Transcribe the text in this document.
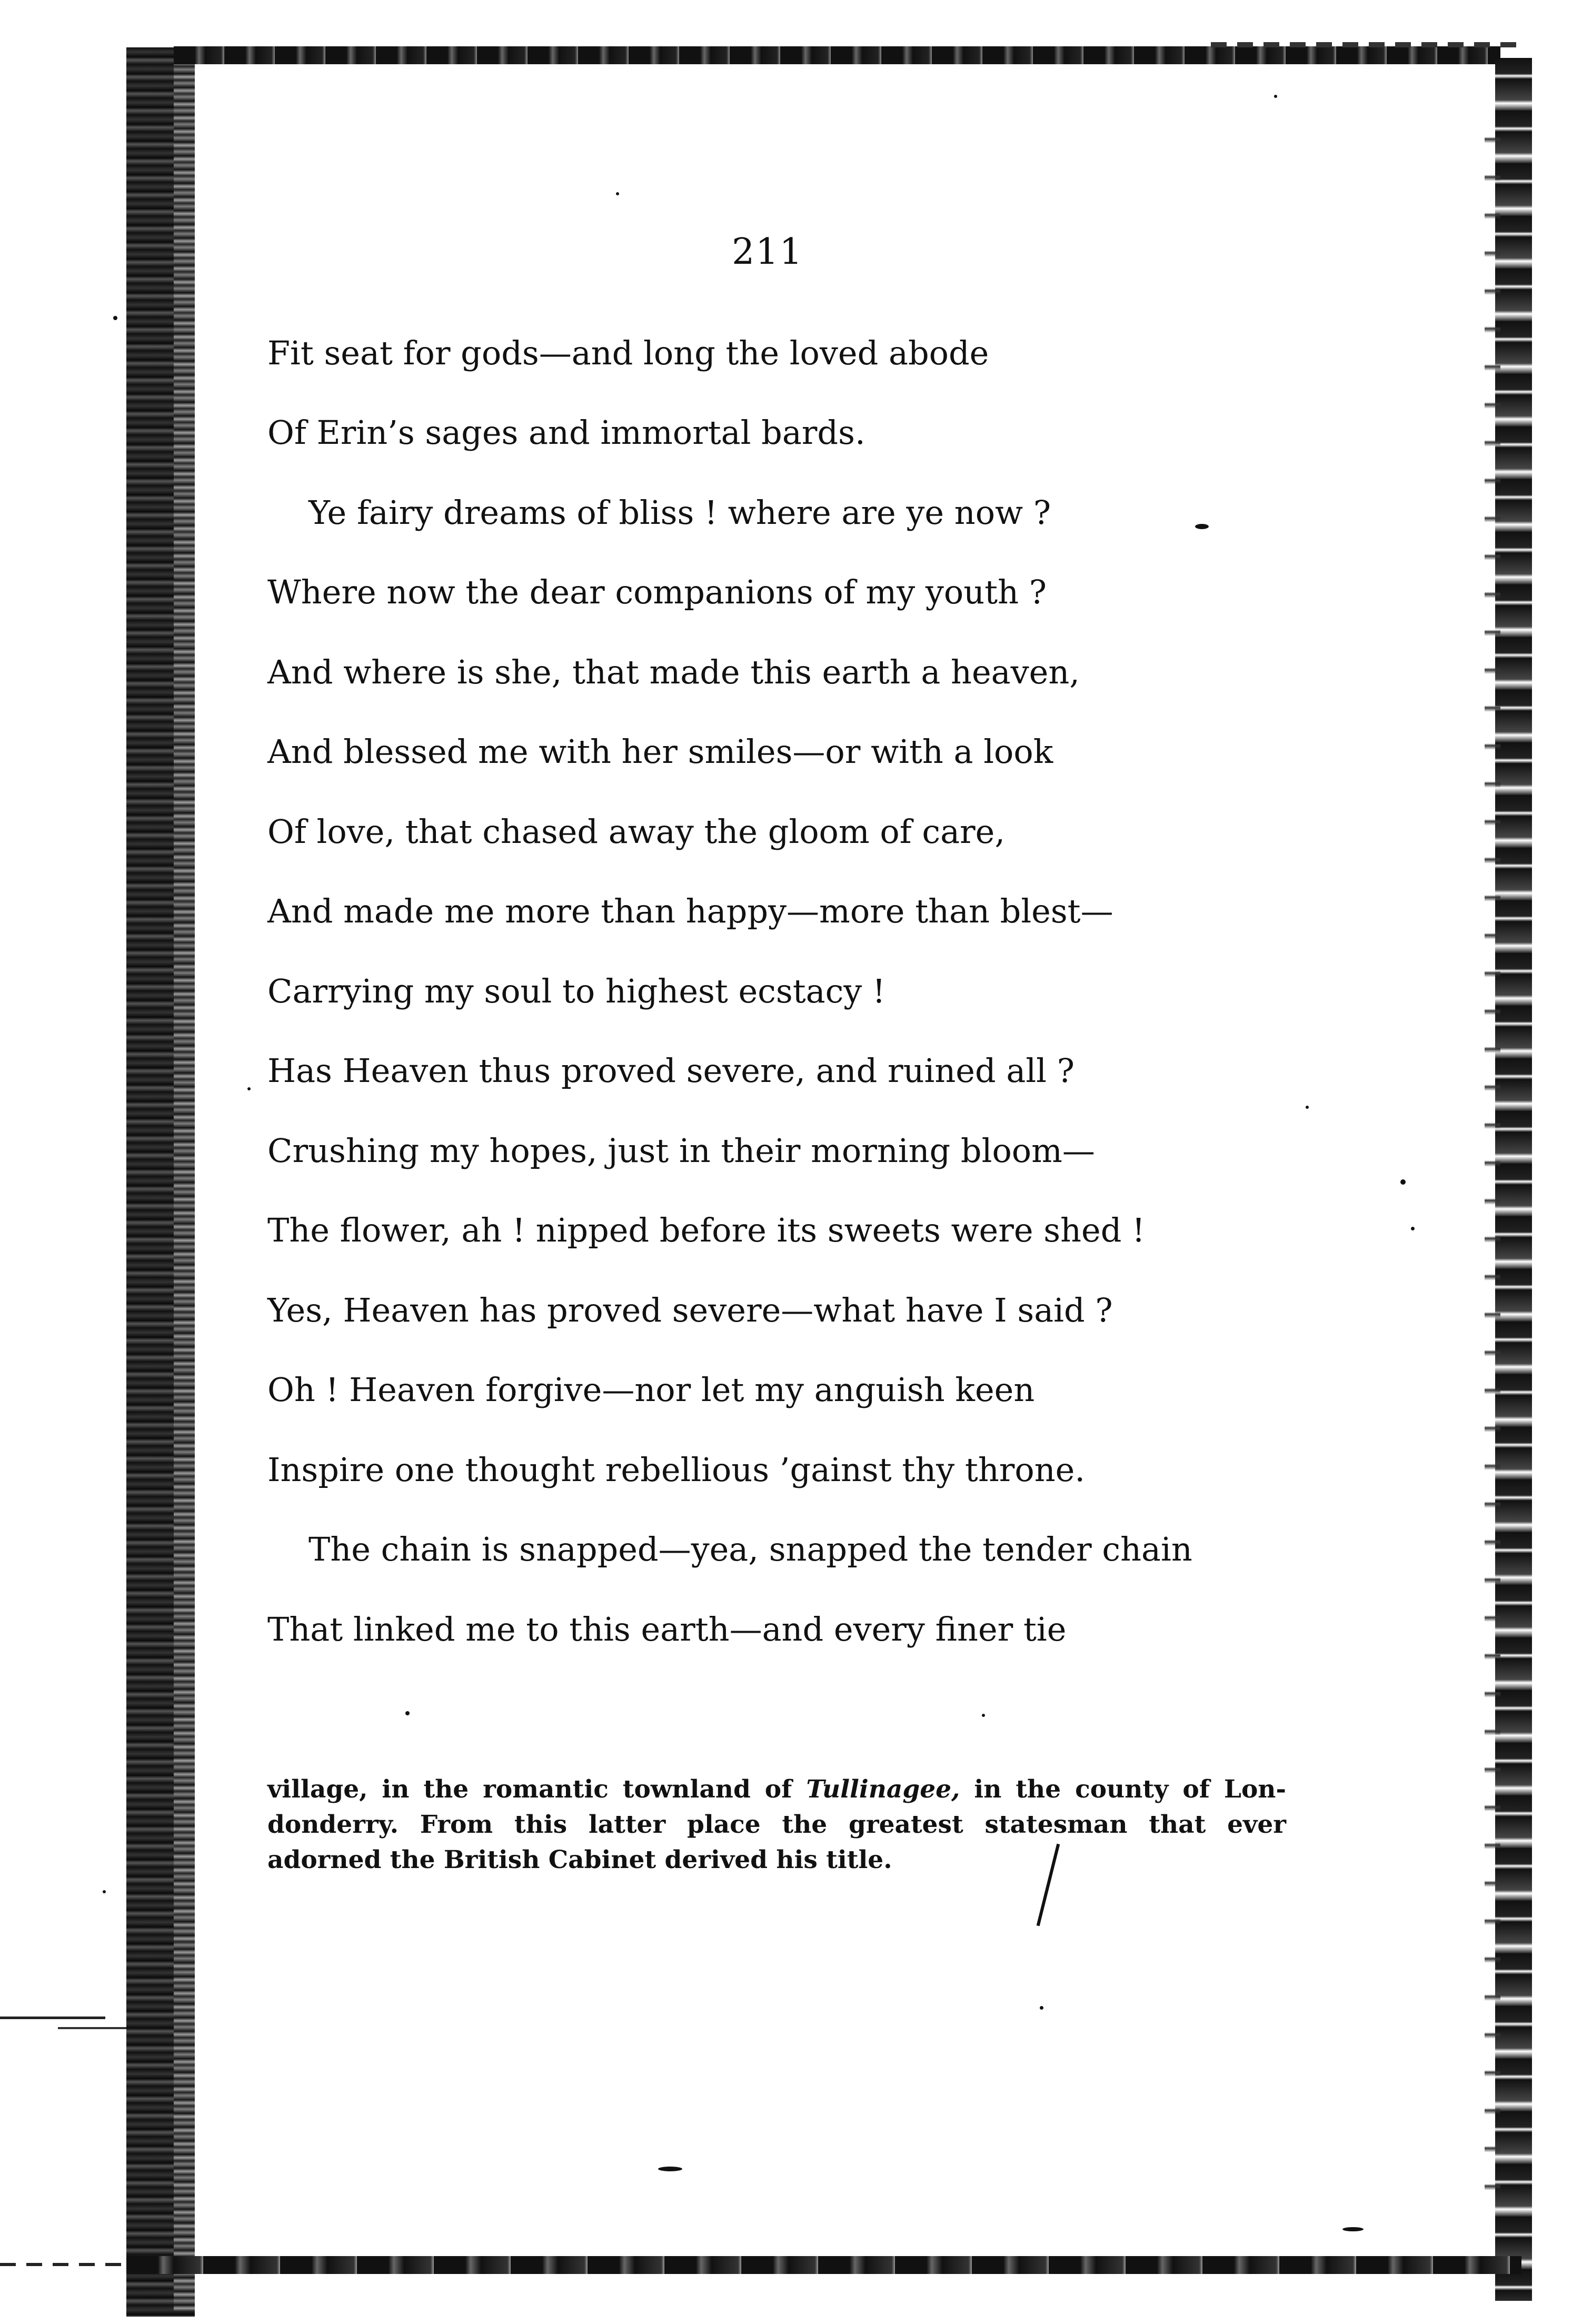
211
Fit seat for gods—and long the loved abode
Of Erin’s sages and immortal bards.
Ye fairy dreams of bliss ! where are ye now ?
Where now the dear companions of my youth ?
And where is she, that made this earth a heaven,
And blessed me with her smiles—or with a look
Of love, that chased away the gloom of care,
And made me more than happy—more than blest—
Carrying my soul to highest ecstacy !
Has Heaven thus proved severe, and ruined all ?
Crushing my hopes, just in their morning bloom—
The flower, ah ! nipped before its sweets were shed !
Yes, Heaven has proved severe—what have I said ?
Oh ! Heaven forgive—nor let my anguish keen
Inspire one thought rebellious ’gainst thy throne.
The chain is snapped—yea, snapped the tender chain
That linked me to this earth—and every finer tie
village, in the romantic townland of Tullinagee, in the county of Lon-
donderry. From this latter place the greatest statesman that ever
adorned the British Cabinet derived his title.
